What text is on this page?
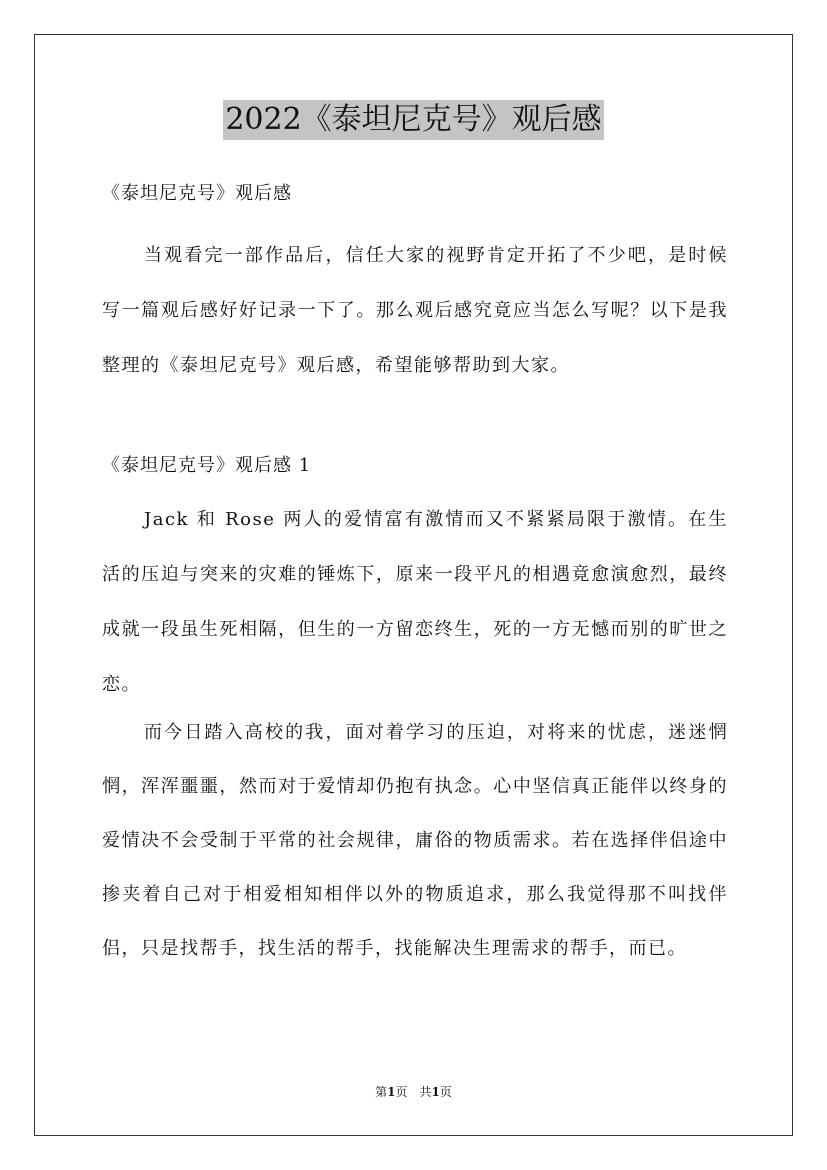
2022《泰坦尼克号》观后感
《泰坦尼克号》观后感

当观看完一部作品后，信任大家的视野肯定开拓了不少吧，是时候写一篇观后感好好记录一下了。那么观后感究竟应当怎么写呢？以下是我整理的《泰坦尼克号》观后感，希望能够帮助到大家。

《泰坦尼克号》观后感 1

Jack 和 Rose 两人的爱情富有激情而又不紧紧局限于激情。在生活的压迫与突来的灾难的锤炼下，原来一段平凡的相遇竟愈演愈烈，最终成就一段虽生死相隔，但生的一方留恋终生，死的一方无憾而别的旷世之恋。

而今日踏入高校的我，面对着学习的压迫，对将来的忧虑，迷迷惘惘，浑浑噩噩，然而对于爱情却仍抱有执念。心中坚信真正能伴以终身的爱情决不会受制于平常的社会规律，庸俗的物质需求。若在选择伴侣途中掺夹着自己对于相爱相知相伴以外的物质追求，那么我觉得那不叫找伴侣，只是找帮手，找生活的帮手，找能解决生理需求的帮手，而已。

第1页　共1页
